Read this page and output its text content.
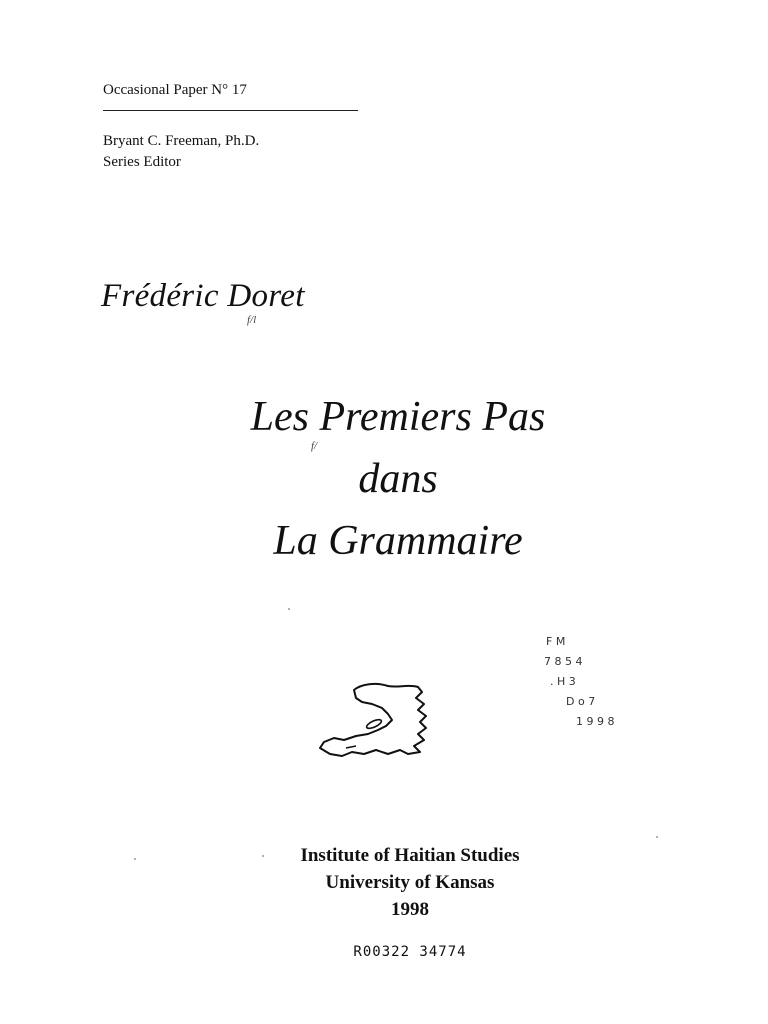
Occasional Paper N° 17
Bryant C. Freeman, Ph.D.
Series Editor
Frédéric Doret
f/l
Les Premiers Pas
dans
La Grammaire
f/
F M
7 8 5 4
. H 3
D o 7
1 9 9 8
Institute of Haitian Studies
University of Kansas
1998
R00322 34774
